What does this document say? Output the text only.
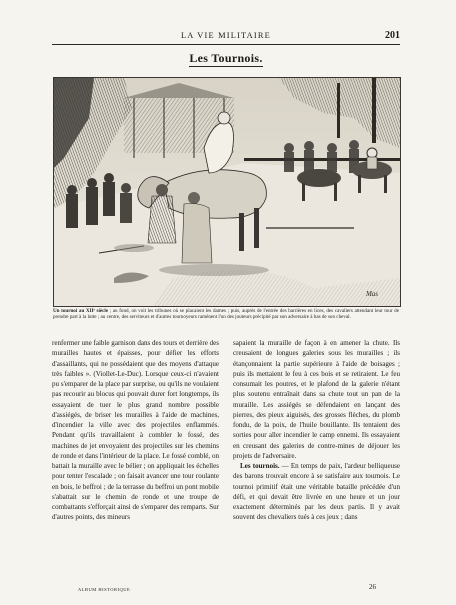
LA VIE MILITAIRE	201
Les Tournois.
Mas
Un tournoi au XIIᵉ siècle ; au fond, on voit les tribunes où se placaient les dames ; puis, auprès de l'entrée des barrières en lices, des cavaliers attendant leur tour de prendre part à la lutte ; au centre, des serviteurs et d'autres tournoyeurs ramènent l'un des jouteurs précipité par son adversaire à bas de son cheval.

renfermer une faible garnison dans des tours et derrière des murailles hautes et épaisses, pour défier les efforts d'assaillants, qui ne possédaient que des moyens d'attaque très faibles ». (Viollet-Le-Duc). Lorsque ceux-ci n'avaient pu s'emparer de la place par surprise, ou qu'ils ne voulaient pas recourir au blocus qui pouvait durer fort longtemps, ils essayaient de tuer le plus grand nombre possible d'assiégés, de briser les murailles à l'aide de machines, d'incendier la ville avec des projectiles enflammés. Pendant qu'ils travaillaient à combler le fossé, des machines de jet envoyaient des projectiles sur les chemins de ronde et dans l'intérieur de la place. Le fossé comblé, on battait la muraille avec le bélier ; on appliquait les échelles pour tenter l'escalade ; on faisait avancer une tour roulante en bois, le beffroi ; de la terrasse du beffroi un pont mobile s'abattait sur le chemin de ronde et une troupe de combattants s'efforçait ainsi de s'emparer des remparts. Sur d'autres points, des mineurs

sapaient la muraille de façon à en amener la chute. Ils creusaient de longues galeries sous les murailles ; ils étançonnaient la partie supérieure à l'aide de boisages ; puis ils mettaient le feu à ces bois et se retiraient. Le feu consumait les poutres, et le plafond de la galerie n'étant plus soutenu entraînait dans sa chute tout un pan de la muraille. Les assiégés se défendaient en lançant des pierres, des pieux aiguisés, des grosses flèches, du plomb fondu, de la poix, de l'huile bouillante. Ils tentaient des sorties pour aller incendier le camp ennemi. Ils essayaient en creusant des galeries de contre-mines de déjouer les projets de l'adversaire.

 Les tournois. — En temps de paix, l'ardeur belliqueuse des barons trouvait encore à se satisfaire aux tournois. Le tournoi primitif était une véritable bataille précédée d'un défi, et qui devait être livrée en une heure et un jour exactement déterminés par les deux partis. Il y avait souvent des chevaliers tués à ces jeux ; dans

ALBUM HISTORIQUE.	26
